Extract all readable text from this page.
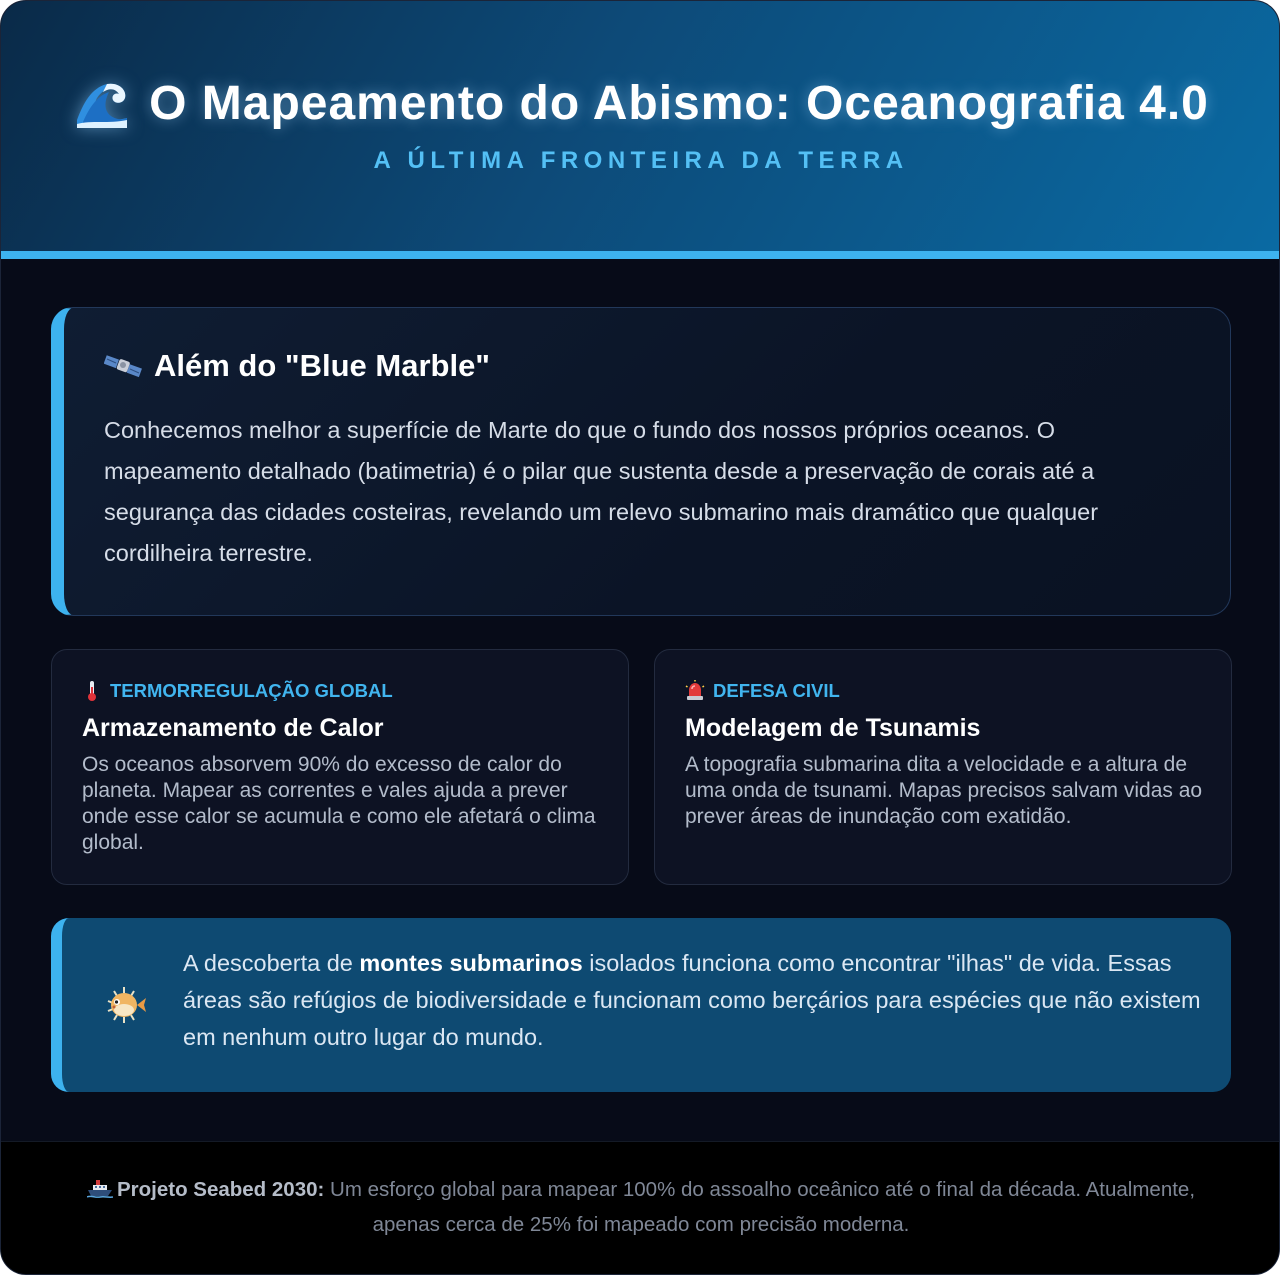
O Mapeamento do Abismo: Oceanografia 4.0
A ÚLTIMA FRONTEIRA DA TERRA
Além do "Blue Marble"

Conhecemos melhor a superfície de Marte do que o fundo dos nossos próprios oceanos. O mapeamento detalhado (batimetria) é o pilar que sustenta desde a preservação de corais até a segurança das cidades costeiras, revelando um relevo submarino mais dramático que qualquer cordilheira terrestre.

TERMORREGULAÇÃO GLOBAL
Armazenamento de Calor

Os oceanos absorvem 90% do excesso de calor do planeta. Mapear as correntes e vales ajuda a prever onde esse calor se acumula e como ele afetará o clima global.

DEFESA CIVIL
Modelagem de Tsunamis

A topografia submarina dita a velocidade e a altura de uma onda de tsunami. Mapas precisos salvam vidas ao prever áreas de inundação com exatidão.

A descoberta de montes submarinos isolados funciona como encontrar "ilhas" de vida. Essas áreas são refúgios de biodiversidade e funcionam como berçários para espécies que não existem em nenhum outro lugar do mundo.

Projeto Seabed 2030: Um esforço global para mapear 100% do assoalho oceânico até o final da década. Atualmente, apenas cerca de 25% foi mapeado com precisão moderna.
